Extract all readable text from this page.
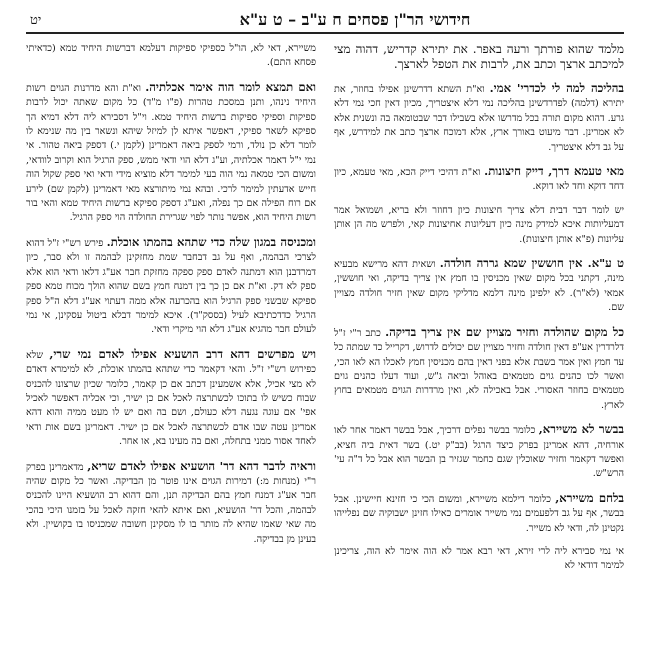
חידושי הר"ן פסחים ח ע"ב – ט ע"א
יט

מלמד שהוא פורתך ורעה באפר. את יתירא קדריש, דהוה מצי למיכתב ארצך וכתב את, לרבות את הטפל לארצך.

בהליכה למה לי לכדרי' אמי. וא"ת השתא דדרשינן אפילו בחוזר, את יתירא (דלמה) לפדרדשינן בהליכה נמי דלא איצטריך, מכיון דאין חכי נמי דלא גרע. דהוא מקום תורה בכל מדרשו אלא בשבילו דבר שבטומאה בה ונשנית אלא לא אמרינן. דבר מיעוט באורך ארץ, אלא דמוכח ארצך כתב את למידרש, אף על גב דלא איצטריך.

מאי טעמא דרך, דייק חיצונות. וא"ת דהיכי דייק הכא, מאי טעמא, כיון דחד דוקא וחד לאו דוקא.

יש לומר דבר דבית דלא צריך חיצונות כיון דחוזר ולא בריא, ושמואל אמר דמעליותות איכא למידק מינה כיון דעליונות אחיצונות קאי, ולפרש מה הן אותן עליונות (פ"א אותן חיצונות).

ט ע"א. אין חוששין שמא גררה חולדה. ושאית דהא מרישא מבעיא מינה, דקתני בכל מקום שאין מכניסין בו חמץ אין צריך בדיקה, ואי חוששין, אמאי (לא"ר). לא ילפינן מינה דלמא מדליקי מקום שאין חזיר חולדה מצויין שם.

כל מקום שהולדה וחזיר מצויין שם אין צריך בדיקה. כתב ר"י ז"ל דלרדרין אע"פ דאין חולדה וחזיר מצויין שם יכולים לדרוש, דקרייל כד שמתה כל עד חמץ ואין אמר בשבת אלא בפני דאין בהם מכניסין חמץ לאכלו הא לאו הכי, ואשר לכו כהנים גוים מטמאים באוהל וביאה ג"ש, ועוד דעלו כהנים גוים מטמאים בחוזר האסורי. אבל באכילה לא, ואין מרדרות הגוים מטמאים בחוץ לארץ.

בבשר לא משיירא, כלומר בבשר נפלים דרכיך, אבל בבשר דאמר אחר לאו אורחיה, דהא אמרינן בפרק כיצד הרגל (בב"ק יט.) בשר דאית ביה חציא, ואפשר דקאמר וחזיר שאוכלין שגם כחמר שגזיר בן הבשר הוא אבל כל ד"ה עי' הרש"ש.

בלחם משיירא, כלומר דילמא משיירא, ומשום הכי כי חזינא חיישינן. אבל בבשר, אף על גב דלפעמים נמי משייר אומרים כאילו חזינן ישבוקיה שם נפלייהו נקטינן לה, ודאי לא משייר.

אי נמי סבירא ליה לרי זירא, דאי רבא אמר לא הוה אימר לא הוה, צריכינן למימר דודאי לא

משיירא, דאי לא, הו"ל כספיקי ספיקות דעלמא דברשות היחיד טמא (כדאיתי פסחא התם).

ואם תמצא לומר הוה אימר אכלתיה. וא"ת והא מדרנות הגוים רשות היחיד נינהו, ותנן במסכת טהרות (פ"ו מ"ד) כל מקום שאתה יכול לרבות ספיקות וספיקי ספיקות ברשות היחיד טמא. וי"ל דסבירא ליה דלא דמיא הך ספיקא לשאר ספיקי, דאפשר איתא לן למיזל שיהא ונשאר בין מה שנימא לו לומר דלא כן נולד, ורמי לספק ביאה דאמרינן (לקמן י.) דספק ביאה טהור. אי נמי י"ל דאמר אכלתיה, וע"ג דלא הוי ודאי ממש, ספק הרגיל הוא וקרוב לוודאי, ומשום הכי טמאה נמי הוה בעי למימר דלא מוציא מידי ודאי ואי ספק שקול הוה חייש אדעתין למימר לרכי. ובהא נמי מיתורצא מאי דאמרינן (לקמן שם) לירע אם רוח הפילה אם כך נפלה, ואע"ג דספק ספיקא ברשות היחיד טמא והאי בור רשות היחיד הוא, אפשר נותר לפוי שגרירת החולדה הוי ספק הרגיל.

ומכניסה במגון שלה כדי שתהא בהמתו אוכלת. פירש רש"י ז"ל דהוא לצרכי הבהמה, ואף על גב דבחבר שמת מחזקינן לבהמה זו ולא סבר, כיון דמרדבנן הוא דמתנה לאדם ספק ספקה מחזקת חבר אע"ג דלאו ודאי הוא אלא ספק לא דק. וא"ת אם כן כך בין דמנח חמץ בשם שהוא הולך מכוח טמא ספק ספיקא שבשני ספק הרגיל הוא בהכרעה אלא ממה דעתוי אע"ג דלא ה"ל ספק הרגיל כדדכתיבא לעיל (בססק"ד). איכא למימר דבלא ביטול עסקינן, אי נמי לעולם חבר מהגיא אע"ג דלא הוי מיקרי ודאי.

ויש מפרשים דהא דרב הושעיא אפילו לאדם נמי שרי, שלא כפירוש רש"י ז"ל. והאי דקאמר כדי שתהא בהמתו אוכלת, לא למימרא דאדם לא מצי אכיל, אלא אשמעינן דכתב אם כן קאמר, כלומר שכיון שרצונו להכניס שבוח כשיש לו בתוכו לכשתרצה לאכל אם כן ישיר, וכי אכליה דאפשר לאכיל אפי' אם עוגה נגעה דלא כעולם, ושם בה ואם יש לו מעט ממיה והוא דהא אמרינן עטה שבו אדם לכשתרצה לאכל אם כן ישיר. דאמרינן בשם אות ודאי לאחד אסור ממני בתחלה, ואם בה מעינו בא, או אחר.

וראיה לדבר דהא דר' הושעיא אפילו לאדם שריא, מדאמרינן בפרק ר"י (מנחות מ:) דמירות הגוים אינו פוטר מן הבדיקה. ואשר כל מקום שהיה חבר אע"ג דמנח חמץ בהם הבדיקה תנן, והם דהוא רב הושעיא היינו להכניס לבהמה, והכל דר' הושעיא, ואם איתא להאי חזקה לאכל על בזמנו היכי בהכי מה שאי שאמו שהיא לה מותר בו לו מסקינן חשובה שמכניסו בו בקושיין. ולא בעינן מן בבדיקה.
